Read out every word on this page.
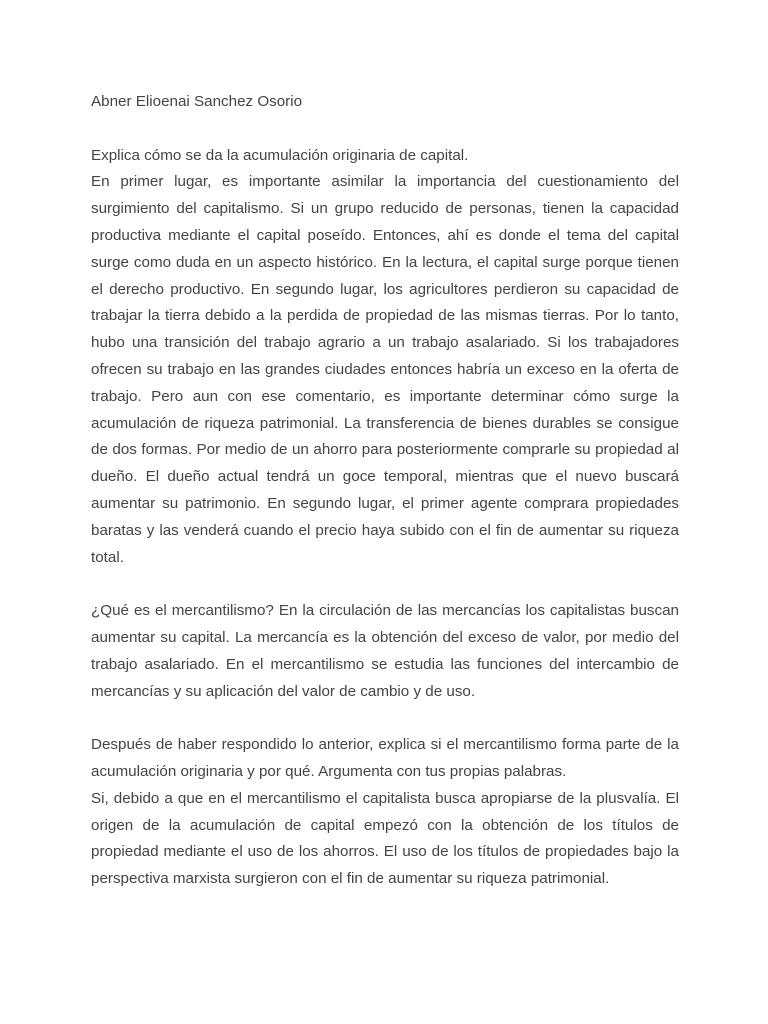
Abner Elioenai Sanchez Osorio

Explica cómo se da la acumulación originaria de capital.

En primer lugar, es importante asimilar la importancia del cuestionamiento del surgimiento del capitalismo. Si un grupo reducido de personas, tienen la capacidad productiva mediante el capital poseído. Entonces, ahí es donde el tema del capital surge como duda en un aspecto histórico. En la lectura, el capital surge porque tienen el derecho productivo. En segundo lugar, los agricultores perdieron su capacidad de trabajar la tierra debido a la perdida de propiedad de las mismas tierras. Por lo tanto, hubo una transición del trabajo agrario a un trabajo asalariado. Si los trabajadores ofrecen su trabajo en las grandes ciudades entonces habría un exceso en la oferta de trabajo. Pero aun con ese comentario, es importante determinar cómo surge la acumulación de riqueza patrimonial. La transferencia de bienes durables se consigue de dos formas. Por medio de un ahorro para posteriormente comprarle su propiedad al dueño. El dueño actual tendrá un goce temporal, mientras que el nuevo buscará aumentar su patrimonio. En segundo lugar, el primer agente comprara propiedades baratas y las venderá cuando el precio haya subido con el fin de aumentar su riqueza total.

¿Qué es el mercantilismo? En la circulación de las mercancías los capitalistas buscan aumentar su capital. La mercancía es la obtención del exceso de valor, por medio del trabajo asalariado. En el mercantilismo se estudia las funciones del intercambio de mercancías y su aplicación del valor de cambio y de uso.

Después de haber respondido lo anterior, explica si el mercantilismo forma parte de la acumulación originaria y por qué. Argumenta con tus propias palabras.

Si, debido a que en el mercantilismo el capitalista busca apropiarse de la plusvalía. El origen de la acumulación de capital empezó con la obtención de los títulos de propiedad mediante el uso de los ahorros. El uso de los títulos de propiedades bajo la perspectiva marxista surgieron con el fin de aumentar su riqueza patrimonial.
